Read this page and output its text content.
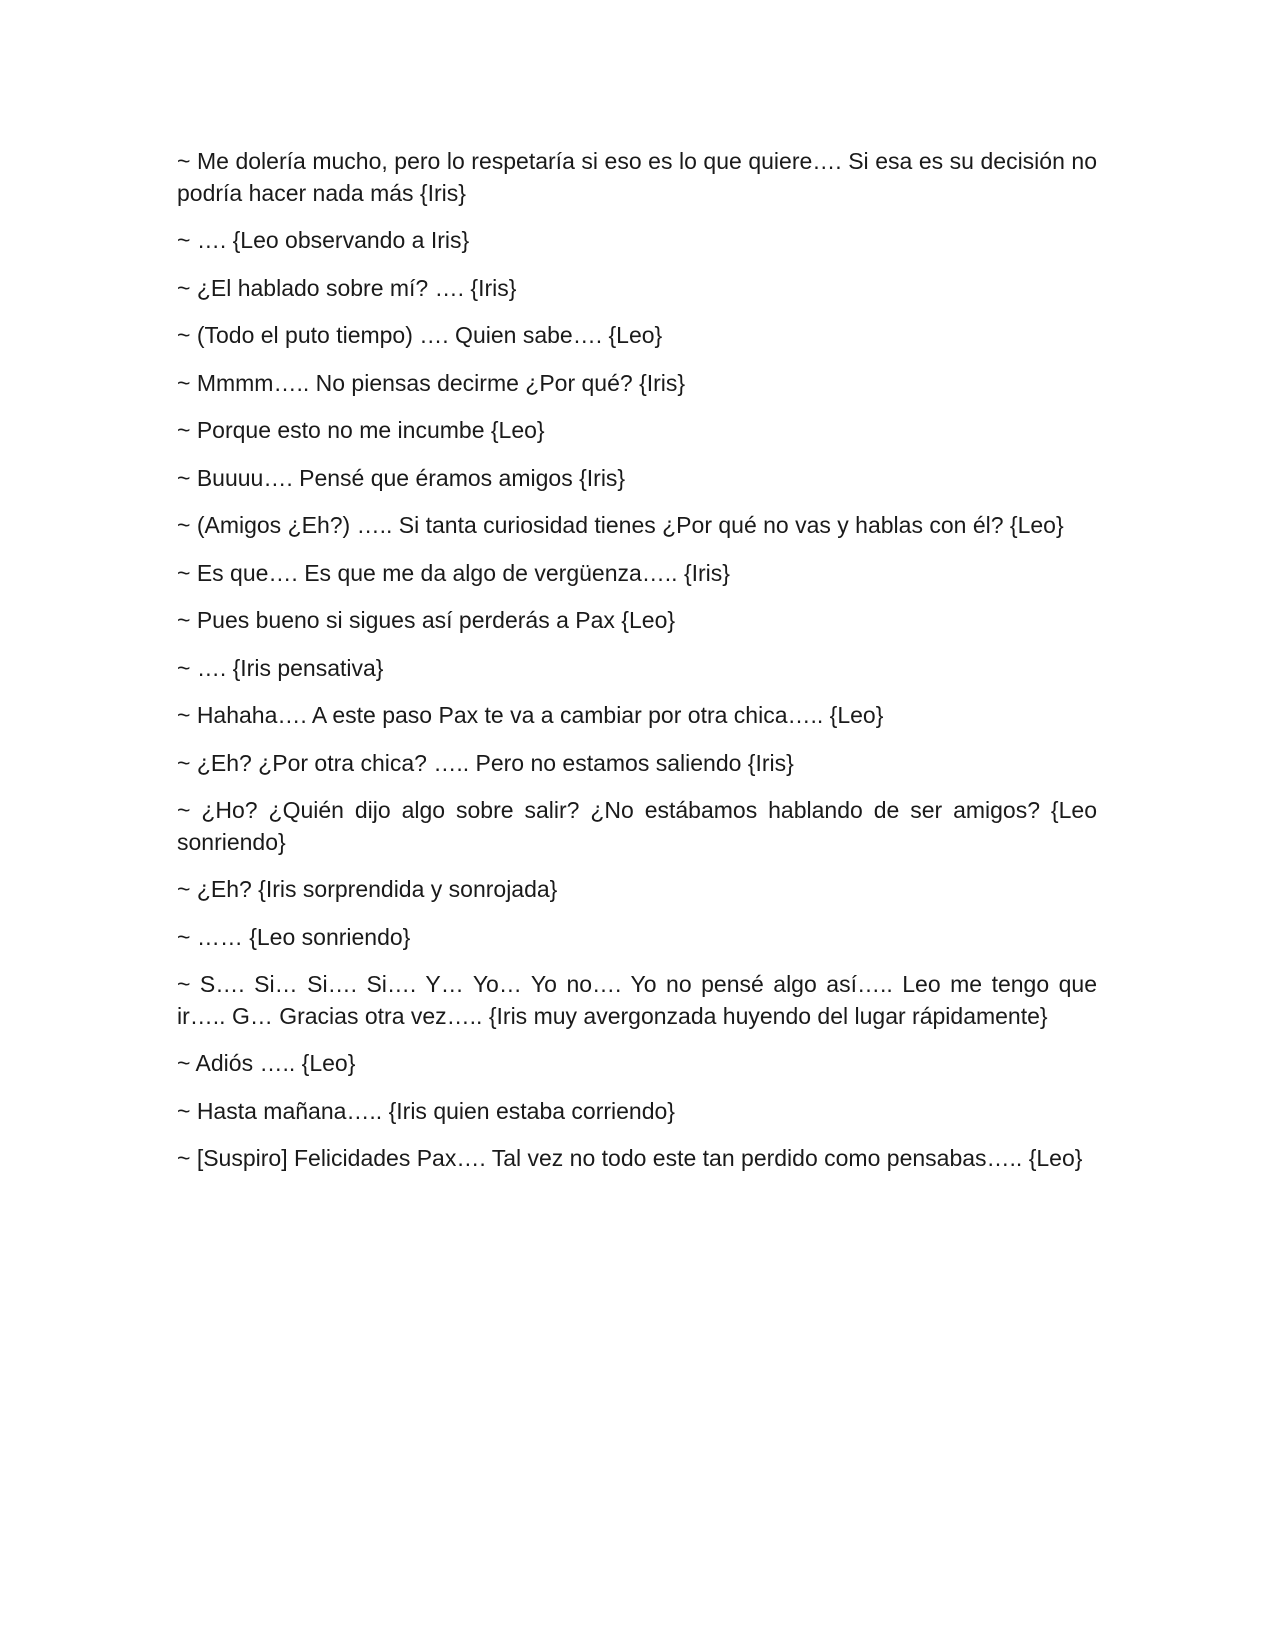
~ Me dolería mucho, pero lo respetaría si eso es lo que quiere…. Si esa es su decisión no podría hacer nada más {Iris}

~ …. {Leo observando a Iris}

~ ¿El hablado sobre mí? …. {Iris}

~ (Todo el puto tiempo) …. Quien sabe…. {Leo}

~ Mmmm….. No piensas decirme ¿Por qué? {Iris}

~ Porque esto no me incumbe {Leo}

~ Buuuu…. Pensé que éramos amigos {Iris}

~ (Amigos ¿Eh?) ….. Si tanta curiosidad tienes ¿Por qué no vas y hablas con él? {Leo}

~ Es que…. Es que me da algo de vergüenza….. {Iris}

~ Pues bueno si sigues así perderás a Pax {Leo}

~ …. {Iris pensativa}

~ Hahaha…. A este paso Pax te va a cambiar por otra chica….. {Leo}

~ ¿Eh? ¿Por otra chica? ….. Pero no estamos saliendo {Iris}

~ ¿Ho? ¿Quién dijo algo sobre salir? ¿No estábamos hablando de ser amigos? {Leo sonriendo}

~ ¿Eh? {Iris sorprendida y sonrojada}

~ …… {Leo sonriendo}

~ S…. Si… Si…. Si…. Y… Yo… Yo no…. Yo no pensé algo así….. Leo me tengo que ir….. G… Gracias otra vez….. {Iris muy avergonzada huyendo del lugar rápidamente}

~ Adiós ….. {Leo}

~ Hasta mañana….. {Iris quien estaba corriendo}

~ [Suspiro] Felicidades Pax…. Tal vez no todo este tan perdido como pensabas….. {Leo}
